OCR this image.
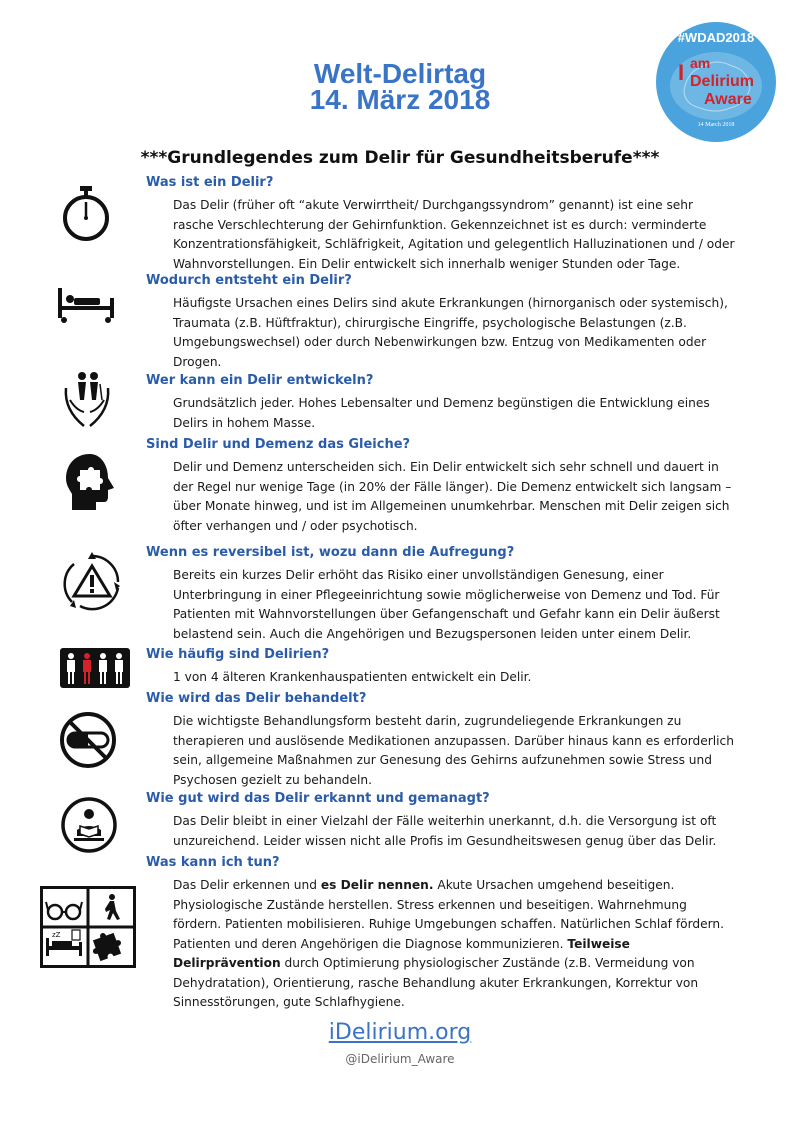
Welt-Delirtag
14. März 2018
#WDAD2018
I am
Delirium
Aware
14 March 2018
***Grundlegendes zum Delir für Gesundheitsberufe***
zZ
Was ist ein Delir?

Das Delir (früher oft “akute Verwirrtheit/ Durchgangssyndrom” genannt) ist eine sehr rasche Verschlechterung der Gehirnfunktion. Gekennzeichnet ist es durch: verminderte Konzentrationsfähigkeit, Schläfrigkeit, Agitation und gelegentlich Halluzinationen und / oder Wahnvorstellungen. Ein Delir entwickelt sich innerhalb weniger Stunden oder Tage.

Wodurch entsteht ein Delir?

Häufigste Ursachen eines Delirs sind akute Erkrankungen (hirnorganisch oder systemisch), Traumata (z.B. Hüftfraktur), chirurgische Eingriffe, psychologische Belastungen (z.B. Umgebungswechsel) oder durch Nebenwirkungen bzw. Entzug von Medikamenten oder Drogen.

Wer kann ein Delir entwickeln?

Grundsätzlich jeder. Hohes Lebensalter und Demenz begünstigen die Entwicklung eines Delirs in hohem Masse.

Sind Delir und Demenz das Gleiche?

Delir und Demenz unterscheiden sich. Ein Delir entwickelt sich sehr schnell und dauert in der Regel nur wenige Tage (in 20% der Fälle länger). Die Demenz entwickelt sich langsam – über Monate hinweg, und ist im Allgemeinen unumkehrbar. Menschen mit Delir zeigen sich öfter verhangen und / oder psychotisch.

Wenn es reversibel ist, wozu dann die Aufregung?

Bereits ein kurzes Delir erhöht das Risiko einer unvollständigen Genesung, einer Unterbringung in einer Pflegeeinrichtung sowie möglicherweise von Demenz und Tod. Für Patienten mit Wahnvorstellungen über Gefangenschaft und Gefahr kann ein Delir äußerst belastend sein. Auch die Angehörigen und Bezugspersonen leiden unter einem Delir.

Wie häufig sind Delirien?

1 von 4 älteren Krankenhauspatienten entwickelt ein Delir.

Wie wird das Delir behandelt?

Die wichtigste Behandlungsform besteht darin, zugrundeliegende Erkrankungen zu therapieren und auslösende Medikationen anzupassen. Darüber hinaus kann es erforderlich sein, allgemeine Maßnahmen zur Genesung des Gehirns aufzunehmen sowie Stress und Psychosen gezielt zu behandeln.

Wie gut wird das Delir erkannt und gemanagt?

Das Delir bleibt in einer Vielzahl der Fälle weiterhin unerkannt, d.h. die Versorgung ist oft unzureichend. Leider wissen nicht alle Profis im Gesundheitswesen genug über das Delir.

Was kann ich tun?

Das Delir erkennen und es Delir nennen. Akute Ursachen umgehend beseitigen. Physiologische Zustände herstellen. Stress erkennen und beseitigen. Wahrnehmung fördern. Patienten mobilisieren. Ruhige Umgebungen schaffen. Natürlichen Schlaf fördern. Patienten und deren Angehörigen die Diagnose kommunizieren. Teilweise Delirprävention durch Optimierung physiologischer Zustände (z.B. Vermeidung von Dehydratation), Orientierung, rasche Behandlung akuter Erkrankungen, Korrektur von Sinnesstörungen, gute Schlafhygiene.

iDelirium.org
@iDelirium_Aware
